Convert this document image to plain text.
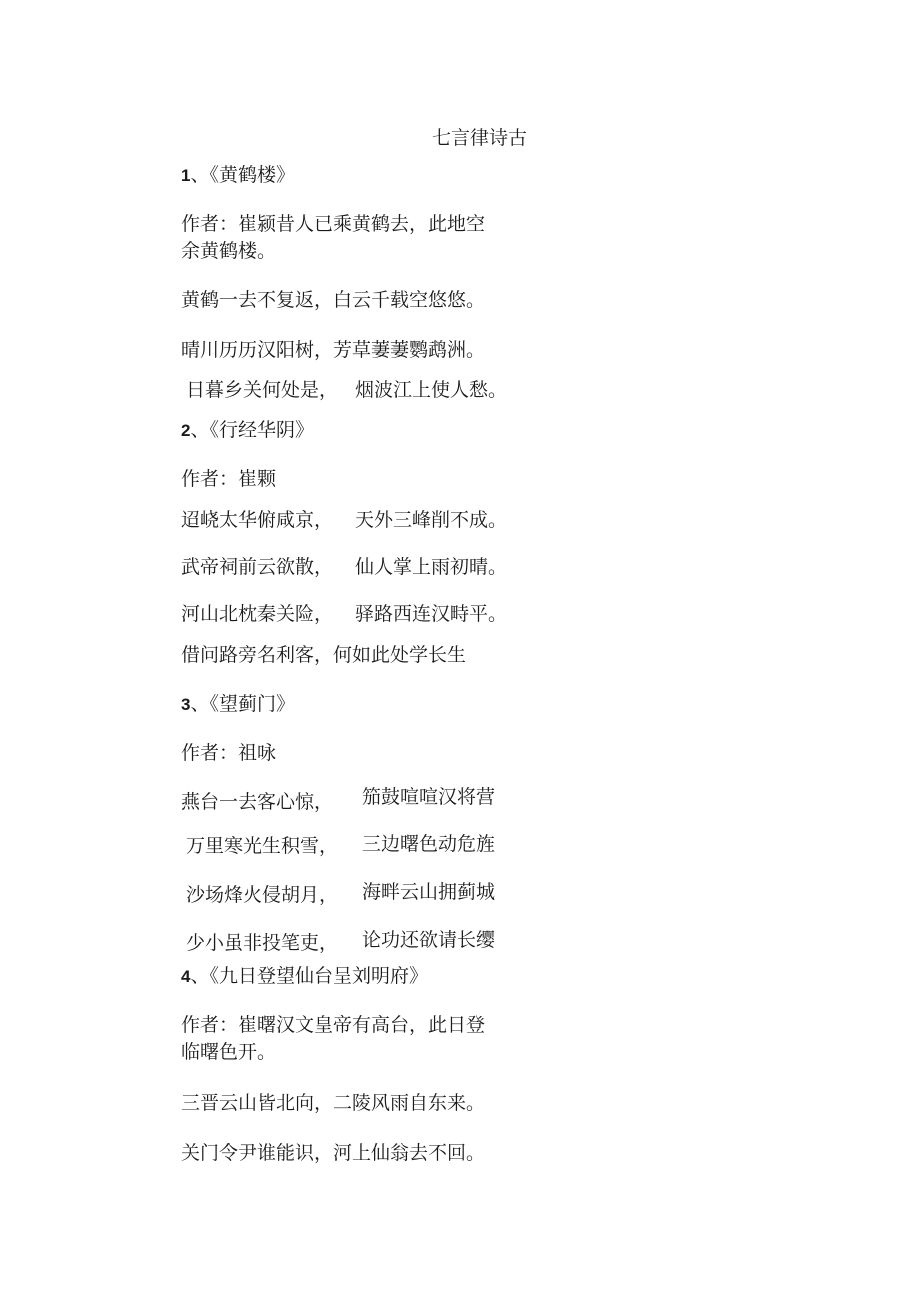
七言律诗古
1、《黄鹤楼》
作者：崔颍昔人已乘黄鹤去，此地空
余黄鹤楼。
黄鹤一去不复返，白云千载空悠悠。
晴川历历汉阳树，芳草萋萋鹦鹉洲。
日暮乡关何处是， 烟波江上使人愁。
2、《行经华阴》
作者：崔颗
迢峣太华俯咸京， 天外三峰削不成。
武帝祠前云欲散， 仙人掌上雨初晴。
河山北枕秦关险， 驿路西连汉畤平。
借问路旁名利客，何如此处学长生
3、《望蓟门》
作者：祖咏
燕台一去客心惊， 笳鼓喧喧汉将营
万里寒光生积雪， 三边曙色动危旌
沙场烽火侵胡月， 海畔云山拥蓟城
少小虽非投笔吏， 论功还欲请长缨
4、《九日登望仙台呈刘明府》
作者：崔曙汉文皇帝有高台，此日登
临曙色开。
三晋云山皆北向，二陵风雨自东来。
关门令尹谁能识，河上仙翁去不回。
